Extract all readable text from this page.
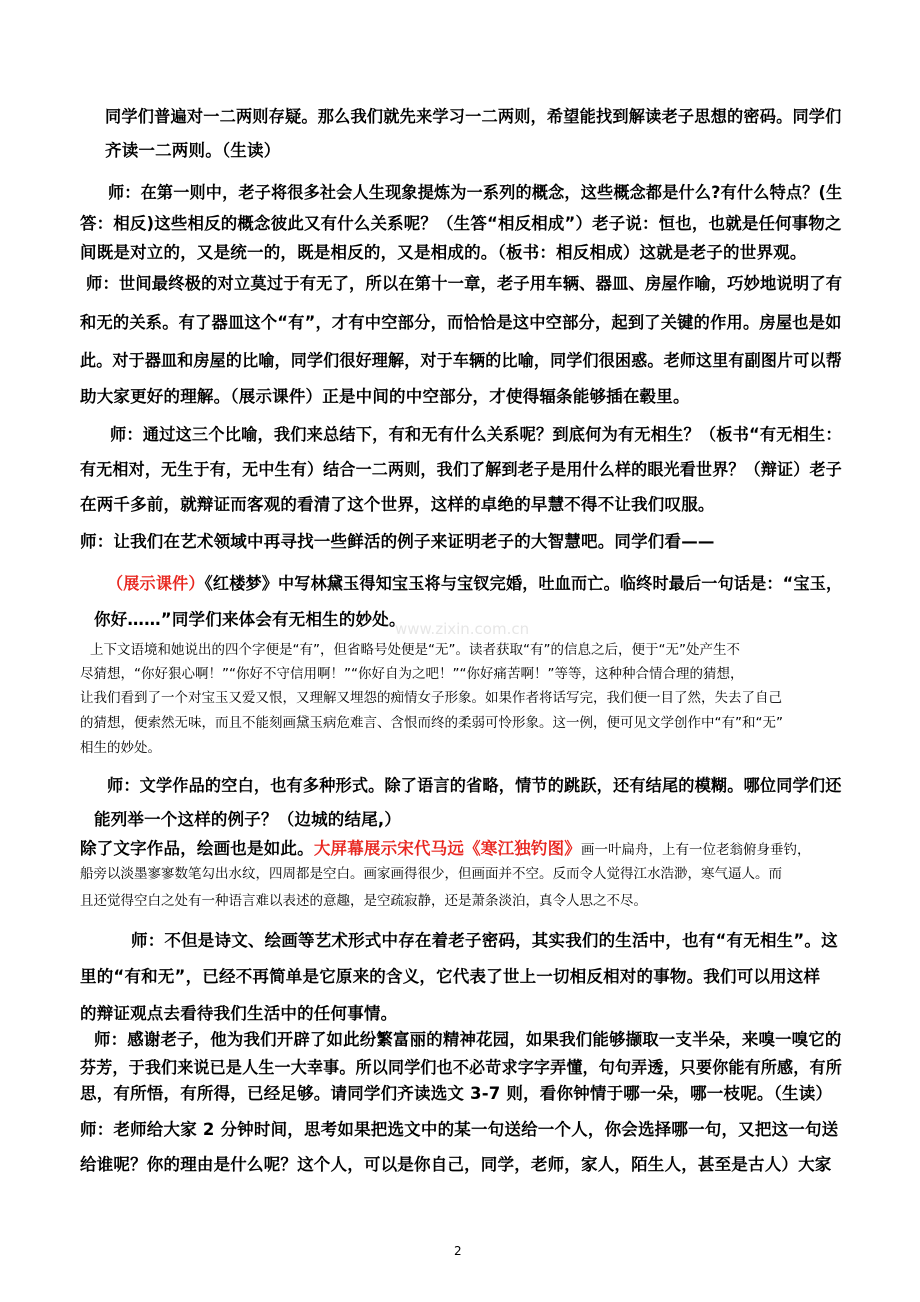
同学们普遍对一二两则存疑。那么我们就先来学习一二两则，希望能找到解读老子思想的密码。同学们
齐读一二两则。（生读）
师：在第一则中，老子将很多社会人生现象提炼为一系列的概念，这些概念都是什么?有什么特点？(生
答：相反)这些相反的概念彼此又有什么关系呢？（生答“相反相成”）老子说：恒也，也就是任何事物之
间既是对立的，又是统一的，既是相反的，又是相成的。（板书：相反相成）这就是老子的世界观。
师：世间最终极的对立莫过于有无了，所以在第十一章，老子用车辆、器皿、房屋作喻，巧妙地说明了有
和无的关系。有了器皿这个“有”，才有中空部分，而恰恰是这中空部分，起到了关键的作用。房屋也是如
此。对于器皿和房屋的比喻，同学们很好理解，对于车辆的比喻，同学们很困惑。老师这里有副图片可以帮
助大家更好的理解。（展示课件）正是中间的中空部分，才使得辐条能够插在毂里。
师：通过这三个比喻，我们来总结下，有和无有什么关系呢？到底何为有无相生？（板书“有无相生：
有无相对，无生于有，无中生有）结合一二两则，我们了解到老子是用什么样的眼光看世界？（辩证）老子
在两千多前，就辩证而客观的看清了这个世界，这样的卓绝的早慧不得不让我们叹服。
师：让我们在艺术领域中再寻找一些鲜活的例子来证明老子的大智慧吧。同学们看——
（展示课件）《红楼梦》中写林黛玉得知宝玉将与宝钗完婚，吐血而亡。临终时最后一句话是：“宝玉，
你好……”同学们来体会有无相生的妙处。
上下文语境和她说出的四个字便是“有”，但省略号处便是“无”。读者获取“有”的信息之后，便于“无”处产生不
尽猜想，“你好狠心啊！”“你好不守信用啊！”“你好自为之吧！”“你好痛苦啊！”等等，这种种合情合理的猜想，
让我们看到了一个对宝玉又爱又恨，又理解又埋怨的痴情女子形象。如果作者将话写完，我们便一目了然，失去了自己
的猜想，便索然无味，而且不能刻画黛玉病危难言、含恨而终的柔弱可怜形象。这一例，便可见文学创作中“有”和“无”
相生的妙处。
师：文学作品的空白，也有多种形式。除了语言的省略，情节的跳跃，还有结尾的模糊。哪位同学们还
能列举一个这样的例子？（边城的结尾,）
除了文字作品，绘画也是如此。大屏幕展示宋代马远《寒江独钓图》画一叶扁舟，上有一位老翁俯身垂钓，
船旁以淡墨寥寥数笔勾出水纹，四周都是空白。画家画得很少，但画面并不空。反而令人觉得江水浩渺，寒气逼人。而
且还觉得空白之处有一种语言难以表述的意趣，是空疏寂静，还是萧条淡泊，真令人思之不尽。
师：不但是诗文、绘画等艺术形式中存在着老子密码，其实我们的生活中，也有“有无相生”。这
里的“有和无”，已经不再简单是它原来的含义，它代表了世上一切相反相对的事物。我们可以用这样
的辩证观点去看待我们生活中的任何事情。
师：感谢老子，他为我们开辟了如此纷繁富丽的精神花园，如果我们能够撷取一支半朵，来嗅一嗅它的
芬芳，于我们来说已是人生一大幸事。所以同学们也不必苛求字字弄懂，句句弄透，只要你能有所感，有所
思，有所悟，有所得，已经足够。请同学们齐读选文 3-7 则，看你钟情于哪一朵，哪一枝呢。（生读）
师：老师给大家 2 分钟时间，思考如果把选文中的某一句送给一个人，你会选择哪一句，又把这一句送
给谁呢？你的理由是什么呢？这个人，可以是你自己，同学，老师，家人，陌生人，甚至是古人）大家
www.zixin.com.cn
2
